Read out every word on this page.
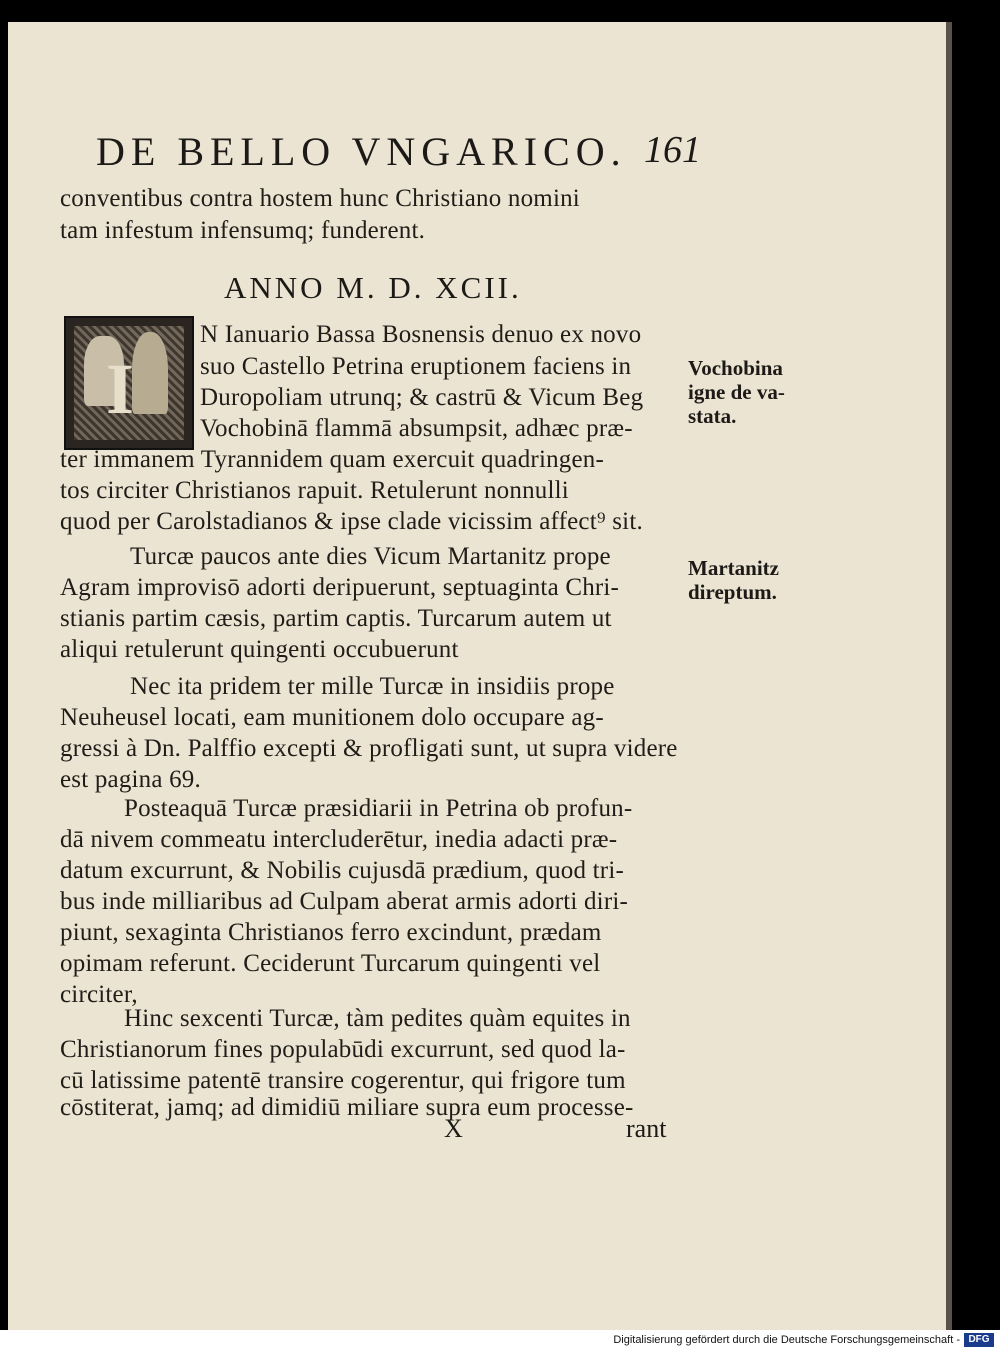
DE BELLO VNGARICO. 161
conventibus contra hostem hunc Christiano nomini
tam infestum infensumq; funderent.
ANNO M. D. XCII.
I
N Ianuario Bassa Bosnensis denuo ex novo
suo Castello Petrina eruptionem faciens in
Duropoliam utrunq; & castrū & Vicum Beg
Vochobinā flammā absumpsit, adhæc præ-
ter immanem Tyrannidem quam exercuit quadringen-
tos circiter Christianos rapuit. Retulerunt nonnulli
quod per Carolstadianos & ipse clade vicissim affect⁹ sit.
Turcæ paucos ante dies Vicum Martanitz prope
Agram improvisō adorti deripuerunt, septuaginta Chri-
stianis partim cæsis, partim captis. Turcarum autem ut
aliqui retulerunt quingenti occubuerunt
Nec ita pridem ter mille Turcæ in insidiis prope
Neuheusel locati, eam munitionem dolo occupare ag-
gressi à Dn. Palffio excepti & profligati sunt, ut supra videre
est pagina 69.
Posteaquā Turcæ præsidiarii in Petrina ob profun-
dā nivem commeatu intercluderētur, inedia adacti præ-
datum excurrunt, & Nobilis cujusdā prædium, quod tri-
bus inde milliaribus ad Culpam aberat armis adorti diri-
piunt, sexaginta Christianos ferro excindunt, prædam
opimam referunt. Ceciderunt Turcarum quingenti vel
circiter,
Hinc sexcenti Turcæ, tàm pedites quàm equites in
Christianorum fines populabūdi excurrunt, sed quod la-
cū latissime patentē transire cogerentur, qui frigore tum
cōstiterat, jamq; ad dimidiū miliare supra eum processe-
X	rant
Vochobina
igne de va-
stata.
Martanitz
direptum.
Digitalisierung gefördert durch die Deutsche Forschungsgemeinschaft - DFG
